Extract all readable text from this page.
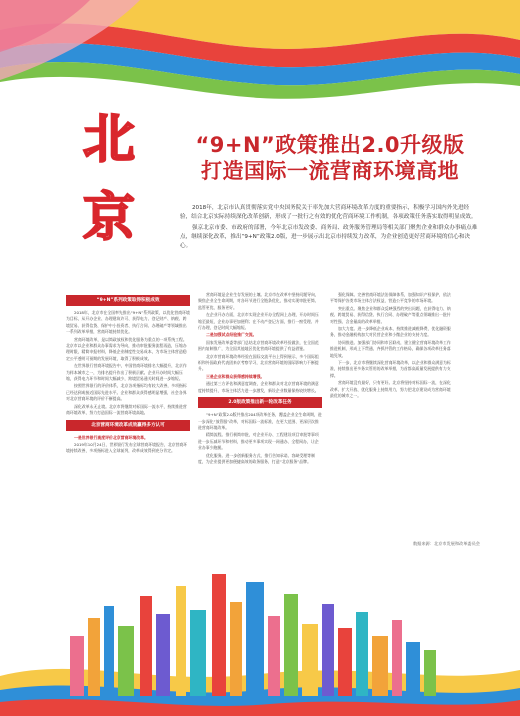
北
京
“9+N”政策推出2.0升级版
打造国际一流营商环境高地

2018年，北京市认真贯彻落实党中央国务院关于率先加大营商环境改革力度的重要指示，积极学习国内外先进经验，结合北京实际持续深化改革创新，形成了一批行之有效的优化营商环境工作机制，各项政策任务落实取得明显成效。

强京北京市委、市政府的部署，今年北京市发改委、商务局、政务服务管理局等相关部门聚焦企业和群众办事痛点难点，继续深化改革，推出“9+N”政策2.0版，进一步展示出北京市持续发力改革，为企业创造更好营商环境的信心和决心。

“9+N”系列政策取得积极成效

2018年，北京市在全国率先推出“9+N”系列政策，以优化营商环境为目标，从开办企业、办理建筑许可、获得电力、登记财产、纳税、跨境贸易、获得信贷、保护中小投资者、执行合同、办理破产等领域推出一系列改革举措，营商环境持续优化。

营商环境改革，是以简政放权和优化服务为重点的一项系统工程。北京市以企业和群众办事需求为导向，推动审批服务流程再造，压缩办理时限，精简申报材料，降低企业制度性交易成本，为市场主体营造稳定公平透明可预期的发展环境，取得了积极成效。

在世界银行营商环境报告中，中国营商环境排名大幅提升，北京作为样本城市之一，为排名提升作出了积极贡献。企业开办时间大幅压缩，获得电力环节和时间大幅减少，跨境贸易通关时间进一步缩短。

按照世界银行的评价体系，北京各项指标均有较大改善，多项指标已经达到或接近国际先进水平。企业和群众获得感明显增强，社会各界对北京营商环境的评价不断提高。

深化改革永无止境。北京市将继续对标国际一流水平，持续推进营商环境改革，努力打造国际一流营商环境高地。

北京营商环境改革成效赢得多方认可

一是世界银行高度评价北京营商环境改革。

2019年10月24日，世界银行发布全球营商环境报告，北京营商环境持续改善，多项指标进入全球前列，改革成效得到充分肯定。

营商环境是企业生存发展的土壤。北京市在改革中坚持问题导向，聚焦企业全生命周期，对各环节进行全链条优化，推动实现审批更简、监管更优、服务更好。

在企业开办方面，北京市实现企业开办全程网上办理，开办时间压缩至最短，企业办事更加便利；在不动产登记方面，推行一窗受理、并行办理，登记时间大幅缩短。

二是加强试点经验推广交流。

国家发展改革委等部门总结北京营商环境改革经验做法，在全国范围内复制推广，为全国其他地区优化营商环境提供了有益借鉴。

北京市营商环境改革经验在国际交流平台上得到展示，多个国际组织和外国政府代表团来京考察学习，北京营商环境的国际影响力不断提升。

三是企业和群众获得感持续增强。

通过第三方评估和满意度调查，企业和群众对北京营商环境的满意度持续提升，市场主体活力进一步激发，新设企业数量保持较快增长。

2.0版政策推出新一轮改革任务

“9+N”政策2.0版共推出204项改革任务，覆盖企业全生命周期，进一步深化“放管服”改革，对标国际一流标准，在更大范围、更深层次推进营商环境改革。

精简流程。推行极简审批，对企业开办、工程建设项目审批等事项进一步压减环节和材料，推动更多事项实现一网通办、全程网办，让企业办事少跑腿。

优化服务。进一步创新服务方式，推行告知承诺、容缺受理等制度，为企业提供更加便捷高效的政务服务，打造“北京服务”品牌。

强化保障。完善营商环境法治保障体系，加强知识产权保护，依法平等保护各类市场主体合法权益，营造公平竞争的市场环境。

突出重点。聚焦企业和群众反映强烈的突出问题，在获得电力、纳税、跨境贸易、获得信贷、执行合同、办理破产等重点领域推出一批针对性强、含金量高的改革举措。

加大力度。进一步降低企业成本，持续推进减税降费，优化融资服务，推动金融机构加大对民营企业和小微企业的支持力度。

协同推进。加强部门协同和市区联动，建立健全营商环境改革工作推进机制，形成上下贯通、齐抓共管的工作格局，确保各项改革任务落地见效。

下一步，北京市将继续深化营商环境改革，以企业和群众满意为标准，持续推出更多务实管用的改革举措，为首都高质量发展提供有力支撑。

营商环境没有最好，只有更好。北京将坚持对标国际一流，在深化改革、扩大开放、优化服务上持续用力，努力把北京建设成为营商环境最优的城市之一。

数据来源：北京市发展和改革委员会
